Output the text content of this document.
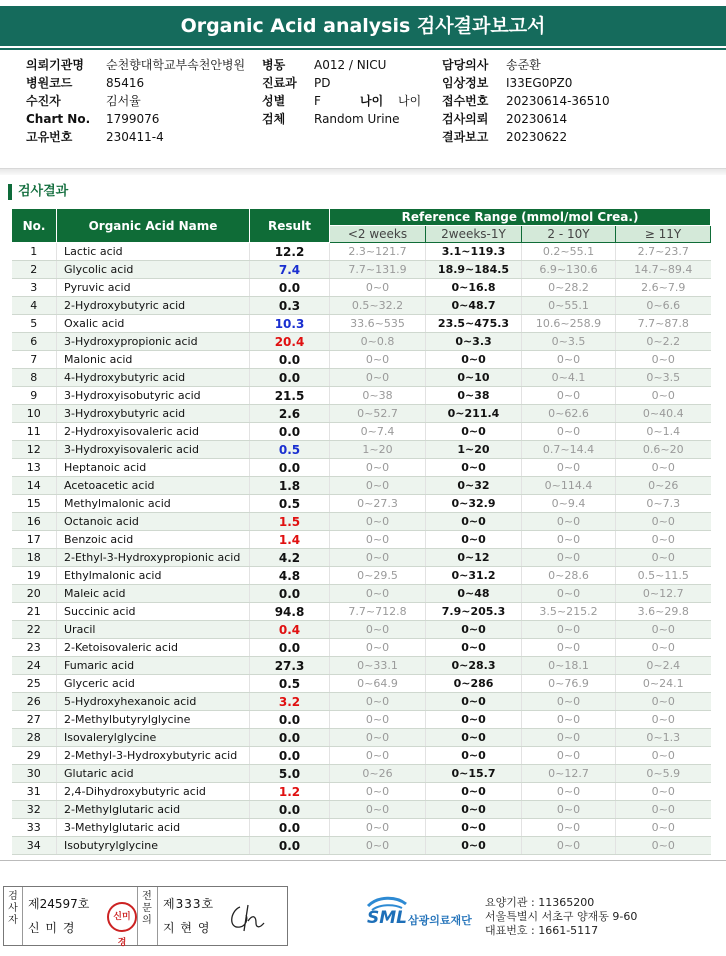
Organic Acid analysis 검사결과보고서
의뢰기관명 순천향대학교부속천안병원
병원코드	85416
수진자	김서율
Chart No. 1799076
고유번호	230411-4
병동 A012 / NICU
진료과 PD
성별 F	나이 나이
검체 Random Urine
담당의사 송준환
임상정보 I33EG0PZ0
접수번호 20230614-36510
검사의뢰 20230614
결과보고 20230622
검사결과
No.	Organic Acid Name	Result	Reference Range (mmol/mol Crea.)			
			<2 weeks	2weeks-1Y	2 - 10Y	≥ 11Y
1	Lactic acid	12.2	2.3~121.7	3.1~119.3	0.2~55.1	2.7~23.7
2	Glycolic acid	7.4	7.7~131.9	18.9~184.5	6.9~130.6	14.7~89.4
3	Pyruvic acid	0.0	0~0	0~16.8	0~28.2	2.6~7.9
4	2-Hydroxybutyric acid	0.3	0.5~32.2	0~48.7	0~55.1	0~6.6
5	Oxalic acid	10.3	33.6~535	23.5~475.3	10.6~258.9	7.7~87.8
6	3-Hydroxypropionic acid	20.4	0~0.8	0~3.3	0~3.5	0~2.2
7	Malonic acid	0.0	0~0	0~0	0~0	0~0
8	4-Hydroxybutyric acid	0.0	0~0	0~10	0~4.1	0~3.5
9	3-Hydroxyisobutyric acid	21.5	0~38	0~38	0~0	0~0
10	3-Hydroxybutyric acid	2.6	0~52.7	0~211.4	0~62.6	0~40.4
11	2-Hydroxyisovaleric acid	0.0	0~7.4	0~0	0~0	0~1.4
12	3-Hydroxyisovaleric acid	0.5	1~20	1~20	0.7~14.4	0.6~20
13	Heptanoic acid	0.0	0~0	0~0	0~0	0~0
14	Acetoacetic acid	1.8	0~0	0~32	0~114.4	0~26
15	Methylmalonic acid	0.5	0~27.3	0~32.9	0~9.4	0~7.3
16	Octanoic acid	1.5	0~0	0~0	0~0	0~0
17	Benzoic acid	1.4	0~0	0~0	0~0	0~0
18	2-Ethyl-3-Hydroxypropionic acid	4.2	0~0	0~12	0~0	0~0
19	Ethylmalonic acid	4.8	0~29.5	0~31.2	0~28.6	0.5~11.5
20	Maleic acid	0.0	0~0	0~48	0~0	0~12.7
21	Succinic acid	94.8	7.7~712.8	7.9~205.3	3.5~215.2	3.6~29.8
22	Uracil	0.4	0~0	0~0	0~0	0~0
23	2-Ketoisovaleric acid	0.0	0~0	0~0	0~0	0~0
24	Fumaric acid	27.3	0~33.1	0~28.3	0~18.1	0~2.4
25	Glyceric acid	0.5	0~64.9	0~286	0~76.9	0~24.1
26	5-Hydroxyhexanoic acid	3.2	0~0	0~0	0~0	0~0
27	2-Methylbutyrylglycine	0.0	0~0	0~0	0~0	0~0
28	Isovalerylglycine	0.0	0~0	0~0	0~0	0~1.3
29	2-Methyl-3-Hydroxybutyric acid	0.0	0~0	0~0	0~0	0~0
30	Glutaric acid	5.0	0~26	0~15.7	0~12.7	0~5.9
31	2,4-Dihydroxybutyric acid	1.2	0~0	0~0	0~0	0~0
32	2-Methylglutaric acid	0.0	0~0	0~0	0~0	0~0
33	3-Methylglutaric acid	0.0	0~0	0~0	0~0	0~0
34	Isobutyrylglycine	0.0	0~0	0~0	0~0	0~0
검
사
자
제24597호
신 미 경
신미경
전
문
의
제333호
지 현 영	SML 삼광의료재단
요양기관 : 11365200
서울특별시 서초구 양재동 9-60
대표번호 : 1661-5117
